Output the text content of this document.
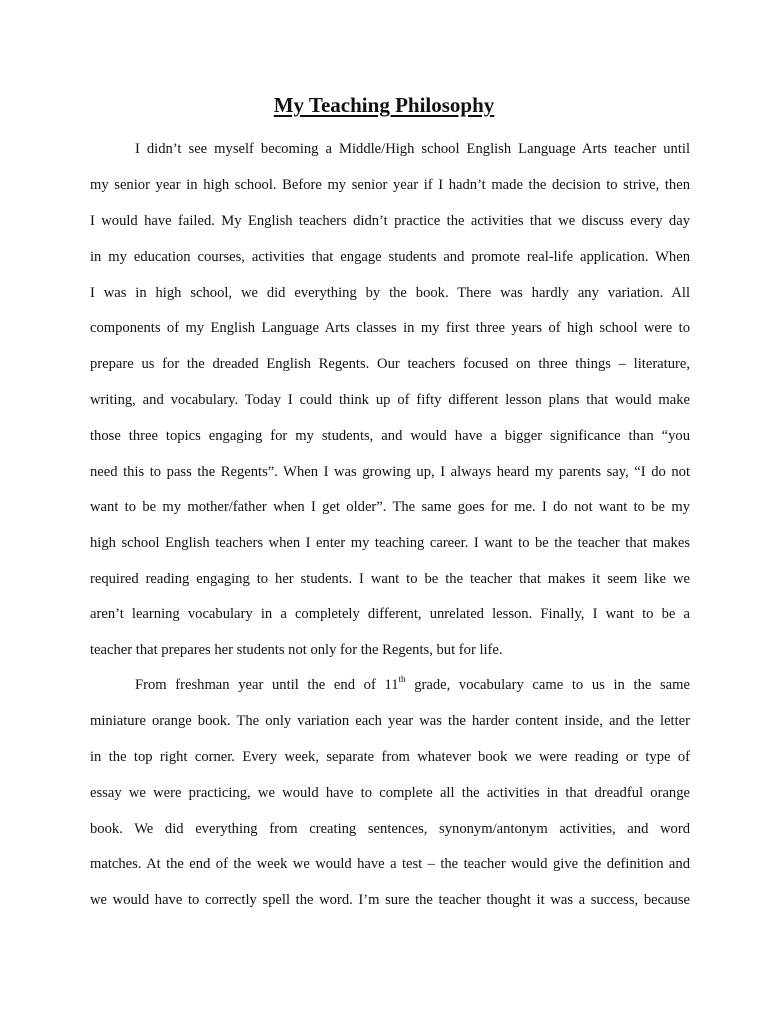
My Teaching Philosophy
I didn’t see myself becoming a Middle/High school English Language Arts teacher until
my senior year in high school. Before my senior year if I hadn’t made the decision to strive, then
I would have failed. My English teachers didn’t practice the activities that we discuss every day
in my education courses, activities that engage students and promote real-life application. When
I was in high school, we did everything by the book. There was hardly any variation. All
components of my English Language Arts classes in my first three years of high school were to
prepare us for the dreaded English Regents. Our teachers focused on three things – literature,
writing, and vocabulary. Today I could think up of fifty different lesson plans that would make
those three topics engaging for my students, and would have a bigger significance than “you
need this to pass the Regents”. When I was growing up, I always heard my parents say, “I do not
want to be my mother/father when I get older”. The same goes for me. I do not want to be my
high school English teachers when I enter my teaching career. I want to be the teacher that makes
required reading engaging to her students. I want to be the teacher that makes it seem like we
aren’t learning vocabulary in a completely different, unrelated lesson. Finally, I want to be a
teacher that prepares her students not only for the Regents, but for life.
From freshman year until the end of 11th grade, vocabulary came to us in the same
miniature orange book. The only variation each year was the harder content inside, and the letter
in the top right corner. Every week, separate from whatever book we were reading or type of
essay we were practicing, we would have to complete all the activities in that dreadful orange
book. We did everything from creating sentences, synonym/antonym activities, and word
matches. At the end of the week we would have a test – the teacher would give the definition and
we would have to correctly spell the word. I’m sure the teacher thought it was a success, because
